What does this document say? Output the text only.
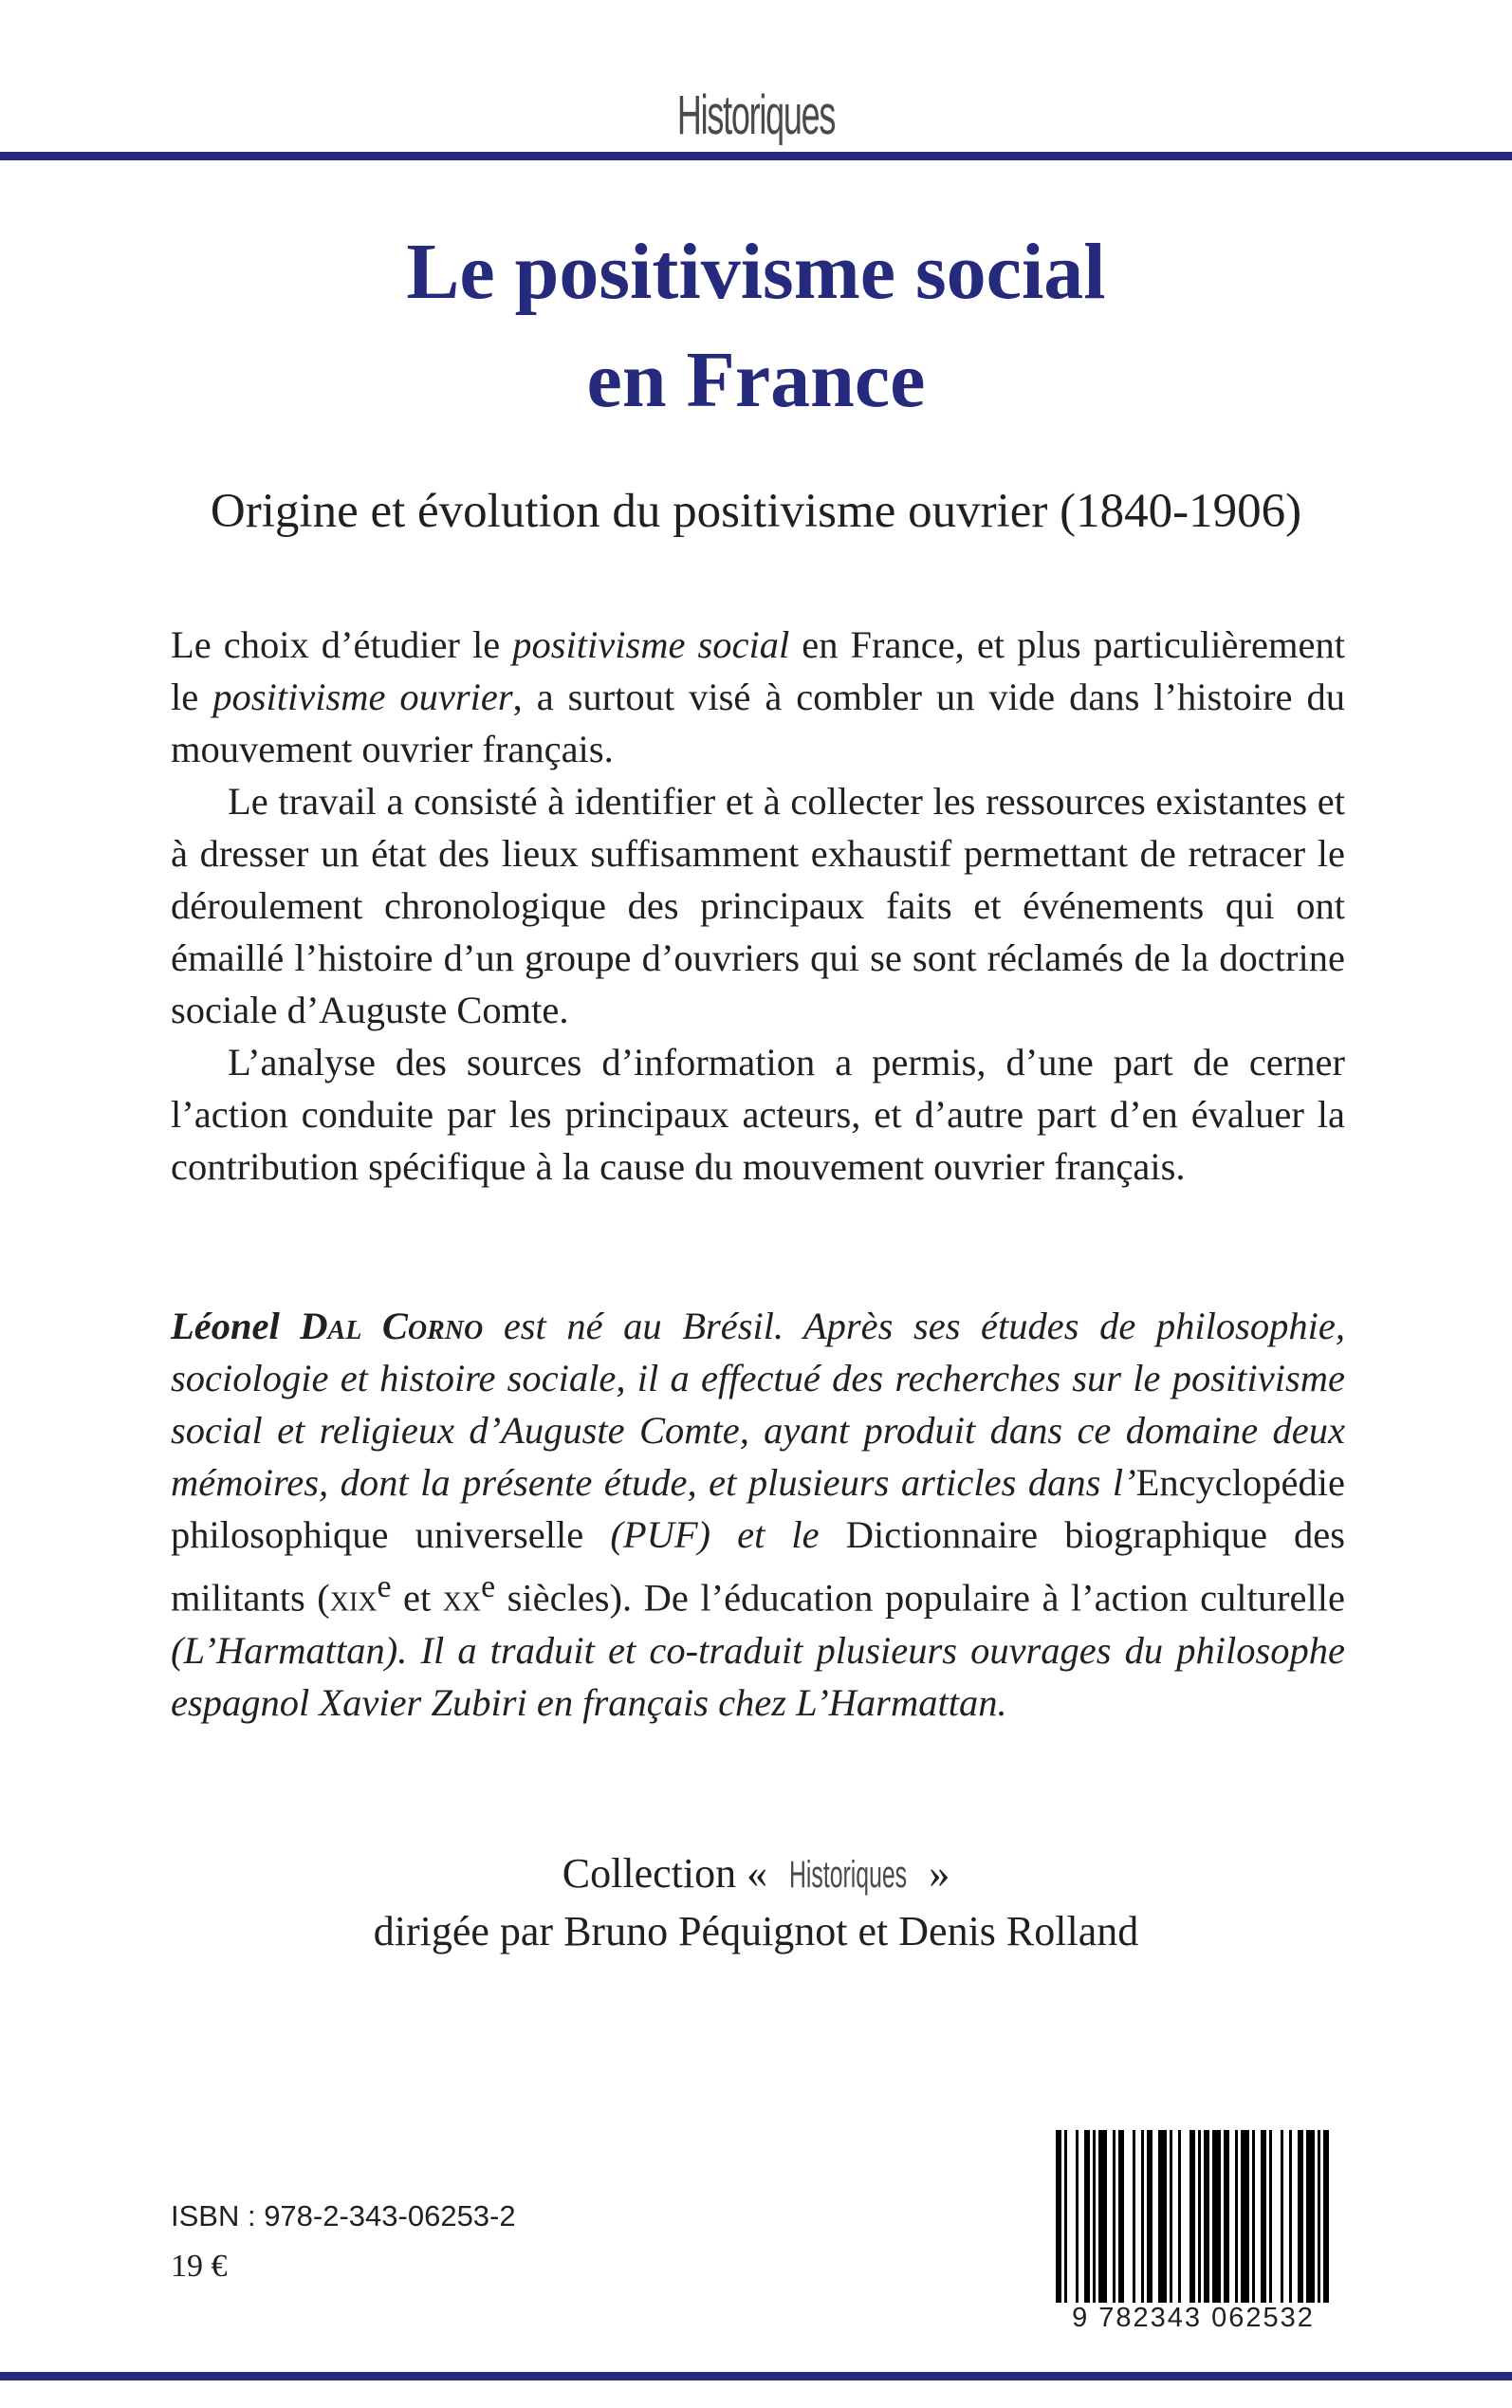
Historiques
Le positivisme social
en France
Origine et évolution du positivisme ouvrier (1840-1906)

Le choix d’étudier le positivisme social en France, et plus particulièrement le positivisme ouvrier, a surtout visé à combler un vide dans l’histoire du mouvement ouvrier français.

Le travail a consisté à identifier et à collecter les ressources existantes et à dresser un état des lieux suffisamment exhaustif permettant de retracer le déroulement chronologique des principaux faits et événements qui ont émaillé l’histoire d’un groupe d’ouvriers qui se sont réclamés de la doctrine sociale d’Auguste Comte.

L’analyse des sources d’information a permis, d’une part de cerner l’action conduite par les principaux acteurs, et d’autre part d’en évaluer la contribution spécifique à la cause du mouvement ouvrier français.

Léonel Dal Corno est né au Brésil. Après ses études de philosophie, sociologie et histoire sociale, il a effectué des recherches sur le positivisme social et religieux d’Auguste Comte, ayant produit dans ce domaine deux mémoires, dont la présente étude, et plusieurs articles dans l’Encyclopédie philosophique universelle (PUF) et le Dictionnaire biographique des militants (xix$^e$ et $xx^e$ siècles). De l’éducation populaire à l’action culturelle (L’Harmattan). Il a traduit et co-traduit plusieurs ouvrages du philosophe espagnol Xavier Zubiri en français chez L’Harmattan.

Collection « Historiques »
dirigée par Bruno Péquignot et Denis Rolland
ISBN : 978-2-343-06253-2
19 €
9 782343 062532
